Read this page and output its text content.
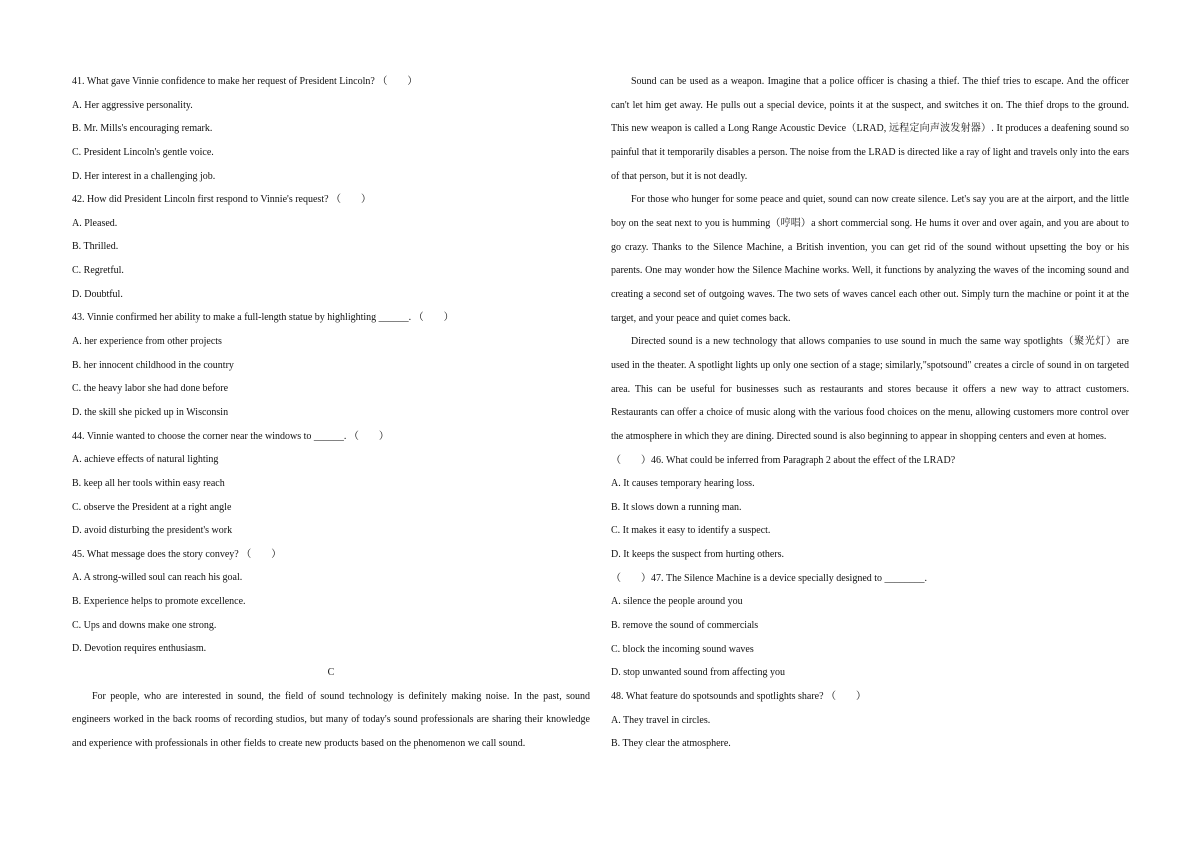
41. What gave Vinnie confidence to make her request of President Lincoln? （　　）
A. Her aggressive personality.
B. Mr. Mills's encouraging remark.
C. President Lincoln's gentle voice.
D. Her interest in a challenging job.
42. How did President Lincoln first respond to Vinnie's request? （　　）
A. Pleased.
B. Thrilled.
C. Regretful.
D. Doubtful.
43. Vinnie confirmed her ability to make a full-length statue by highlighting ______. （　　）
A. her experience from other projects
B. her innocent childhood in the country
C. the heavy labor she had done before
D. the skill she picked up in Wisconsin
44. Vinnie wanted to choose the corner near the windows to ______. （　　）
A. achieve effects of natural lighting
B. keep all her tools within easy reach
C. observe the President at a right angle
D. avoid disturbing the president's work
45. What message does the story convey? （　　）
A. A strong-willed soul can reach his goal.
B. Experience helps to promote excellence.
C. Ups and downs make one strong.
D. Devotion requires enthusiasm.
C

For people, who are interested in sound, the field of sound technology is definitely making noise. In the past, sound engineers worked in the back rooms of recording studios, but many of today's sound professionals are sharing their knowledge and experience with professionals in other fields to create new products based on the phenomenon we call sound.

Sound can be used as a weapon. Imagine that a police officer is chasing a thief. The thief tries to escape. And the officer can't let him get away. He pulls out a special device, points it at the suspect, and switches it on. The thief drops to the ground. This new weapon is called a Long Range Acoustic Device（LRAD, 远程定向声波发射器）. It produces a deafening sound so painful that it temporarily disables a person. The noise from the LRAD is directed like a ray of light and travels only into the ears of that person, but it is not deadly.

For those who hunger for some peace and quiet, sound can now create silence. Let's say you are at the airport, and the little boy on the seat next to you is humming（哼唱）a short commercial song. He hums it over and over again, and you are about to go crazy. Thanks to the Silence Machine, a British invention, you can get rid of the sound without upsetting the boy or his parents. One may wonder how the Silence Machine works. Well, it functions by analyzing the waves of the incoming sound and creating a second set of outgoing waves. The two sets of waves cancel each other out. Simply turn the machine or point it at the target, and your peace and quiet comes back.

Directed sound is a new technology that allows companies to use sound in much the same way spotlights（聚光灯）are used in the theater. A spotlight lights up only one section of a stage; similarly,"spotsound" creates a circle of sound in on targeted area. This can be useful for businesses such as restaurants and stores because it offers a new way to attract customers. Restaurants can offer a choice of music along with the various food choices on the menu, allowing customers more control over the atmosphere in which they are dining. Directed sound is also beginning to appear in shopping centers and even at homes.

（　　）46. What could be inferred from Paragraph 2 about the effect of the LRAD?
A. It causes temporary hearing loss.
B. It slows down a running man.
C. It makes it easy to identify a suspect.
D. It keeps the suspect from hurting others.
（　　）47. The Silence Machine is a device specially designed to ________.
A. silence the people around you
B. remove the sound of commercials
C. block the incoming sound waves
D. stop unwanted sound from affecting you
48. What feature do spotsounds and spotlights share? （　　）
A. They travel in circles.
B. They clear the atmosphere.
